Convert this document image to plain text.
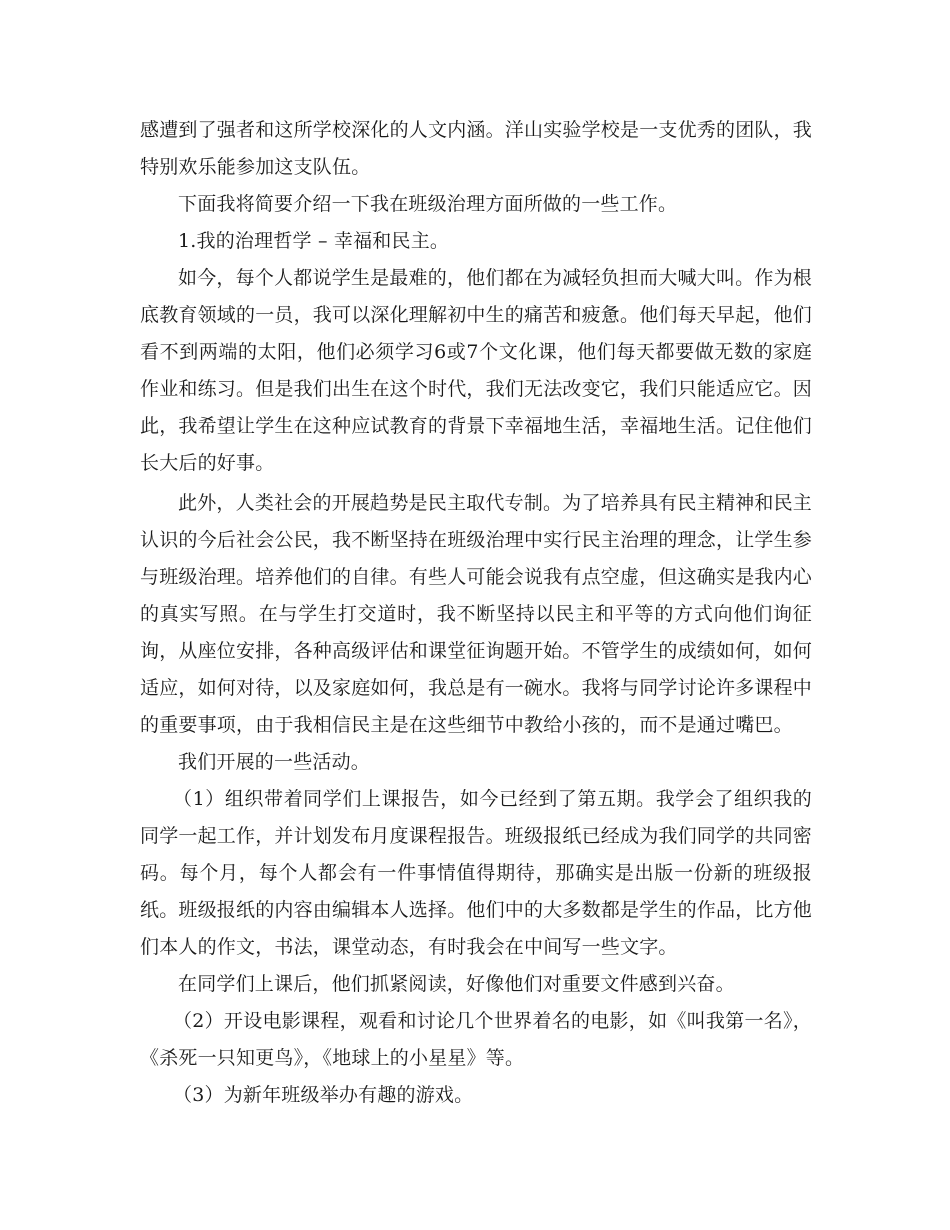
感遭到了强者和这所学校深化的人文内涵。洋山实验学校是一支优秀的团队，我特别欢乐能参加这支队伍。

下面我将简要介绍一下我在班级治理方面所做的一些工作。

1.我的治理哲学 – 幸福和民主。

如今，每个人都说学生是最难的，他们都在为减轻负担而大喊大叫。作为根底教育领域的一员，我可以深化理解初中生的痛苦和疲惫。他们每天早起，他们看不到两端的太阳，他们必须学习6或7个文化课，他们每天都要做无数的家庭作业和练习。但是我们出生在这个时代，我们无法改变它，我们只能适应它。因此，我希望让学生在这种应试教育的背景下幸福地生活，幸福地生活。记住他们长大后的好事。

此外，人类社会的开展趋势是民主取代专制。为了培养具有民主精神和民主认识的今后社会公民，我不断坚持在班级治理中实行民主治理的理念，让学生参与班级治理。培养他们的自律。有些人可能会说我有点空虚，但这确实是我内心的真实写照。在与学生打交道时，我不断坚持以民主和平等的方式向他们询征询，从座位安排，各种高级评估和课堂征询题开始。不管学生的成绩如何，如何适应，如何对待，以及家庭如何，我总是有一碗水。我将与同学讨论许多课程中的重要事项，由于我相信民主是在这些细节中教给小孩的，而不是通过嘴巴。

我们开展的一些活动。

（1）组织带着同学们上课报告，如今已经到了第五期。我学会了组织我的同学一起工作，并计划发布月度课程报告。班级报纸已经成为我们同学的共同密码。每个月，每个人都会有一件事情值得期待，那确实是出版一份新的班级报纸。班级报纸的内容由编辑本人选择。他们中的大多数都是学生的作品，比方他们本人的作文，书法，课堂动态，有时我会在中间写一些文字。

在同学们上课后，他们抓紧阅读，好像他们对重要文件感到兴奋。

（2）开设电影课程，观看和讨论几个世界着名的电影，如《叫我第一名》，《杀死一只知更鸟》，《地球上的小星星》等。

（3）为新年班级举办有趣的游戏。
